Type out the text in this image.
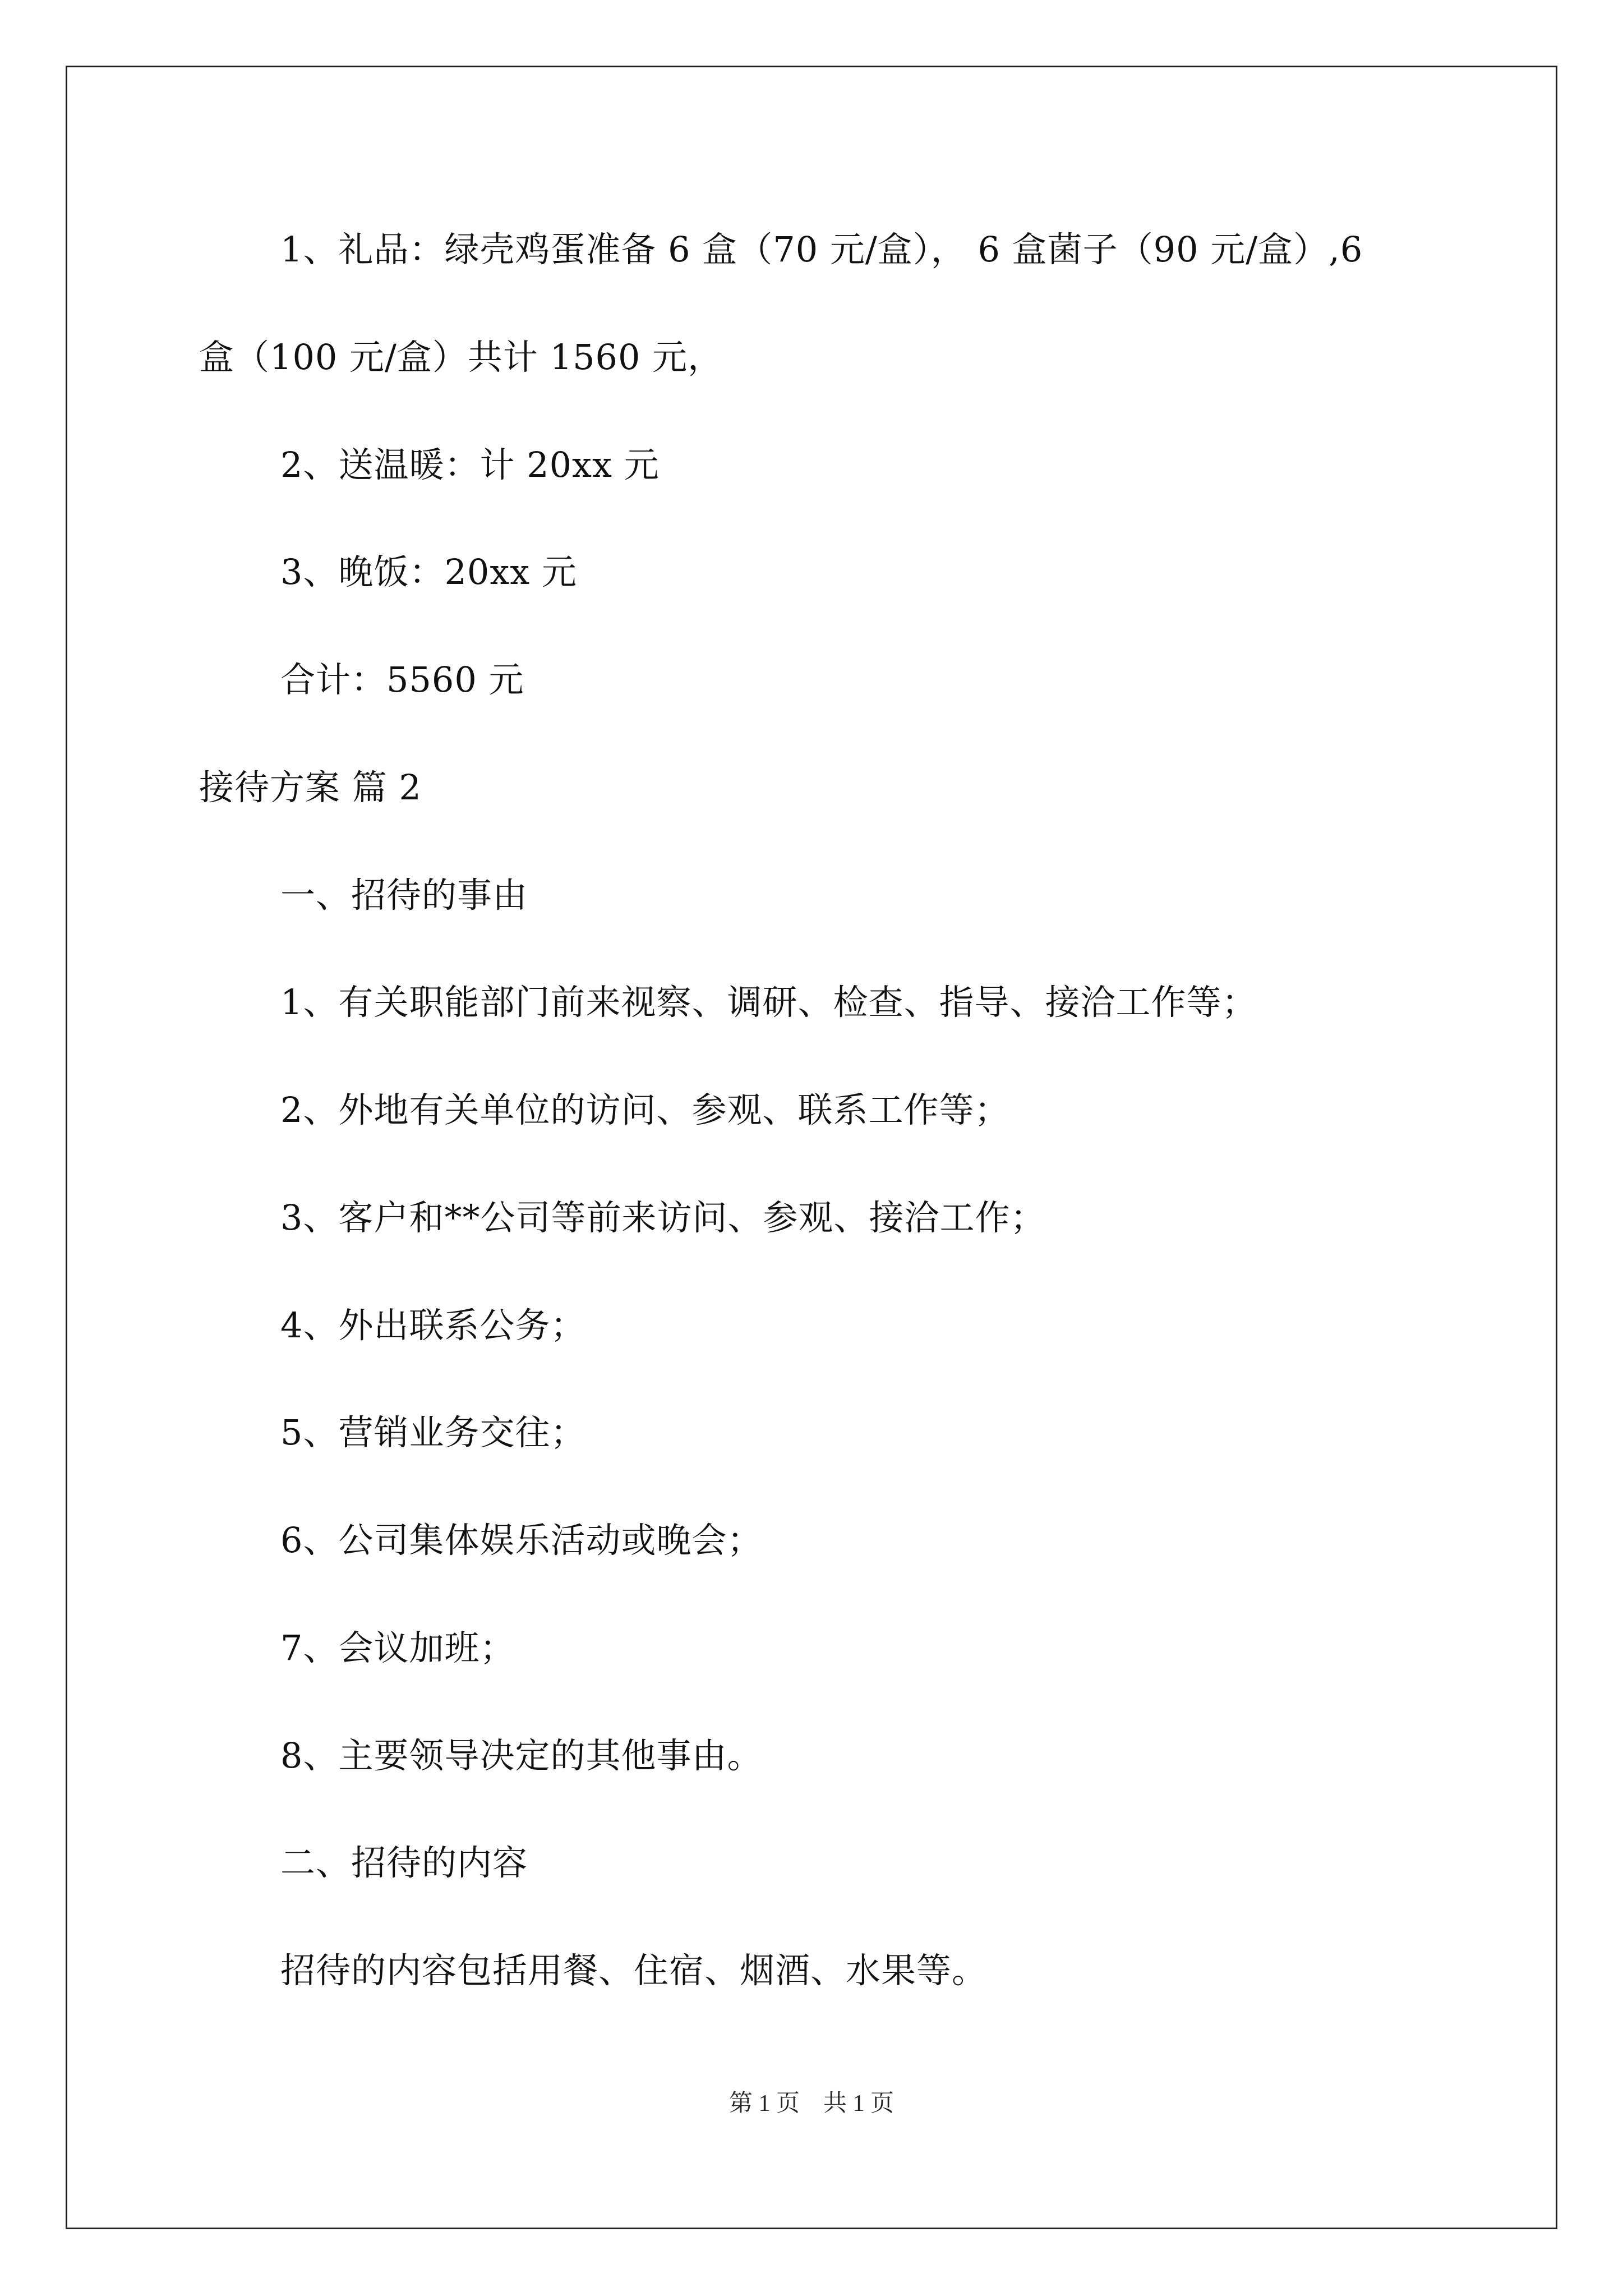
1、礼品：绿壳鸡蛋准备 6 盒（70 元/盒）， 6 盒菌子（90 元/盒）,6
盒（100 元/盒）共计 1560 元，
2、送温暖：计 20xx 元
3、晚饭：20xx 元
合计：5560 元
接待方案 篇 2
一、招待的事由
1、有关职能部门前来视察、调研、检查、指导、接洽工作等；
2、外地有关单位的访问、参观、联系工作等；
3、客户和**公司等前来访问、参观、接洽工作；
4、外出联系公务；
5、营销业务交往；
6、公司集体娱乐活动或晚会；
7、会议加班；
8、主要领导决定的其他事由。
二、招待的内容
招待的内容包括用餐、住宿、烟酒、水果等。
第 1 页　共 1 页
